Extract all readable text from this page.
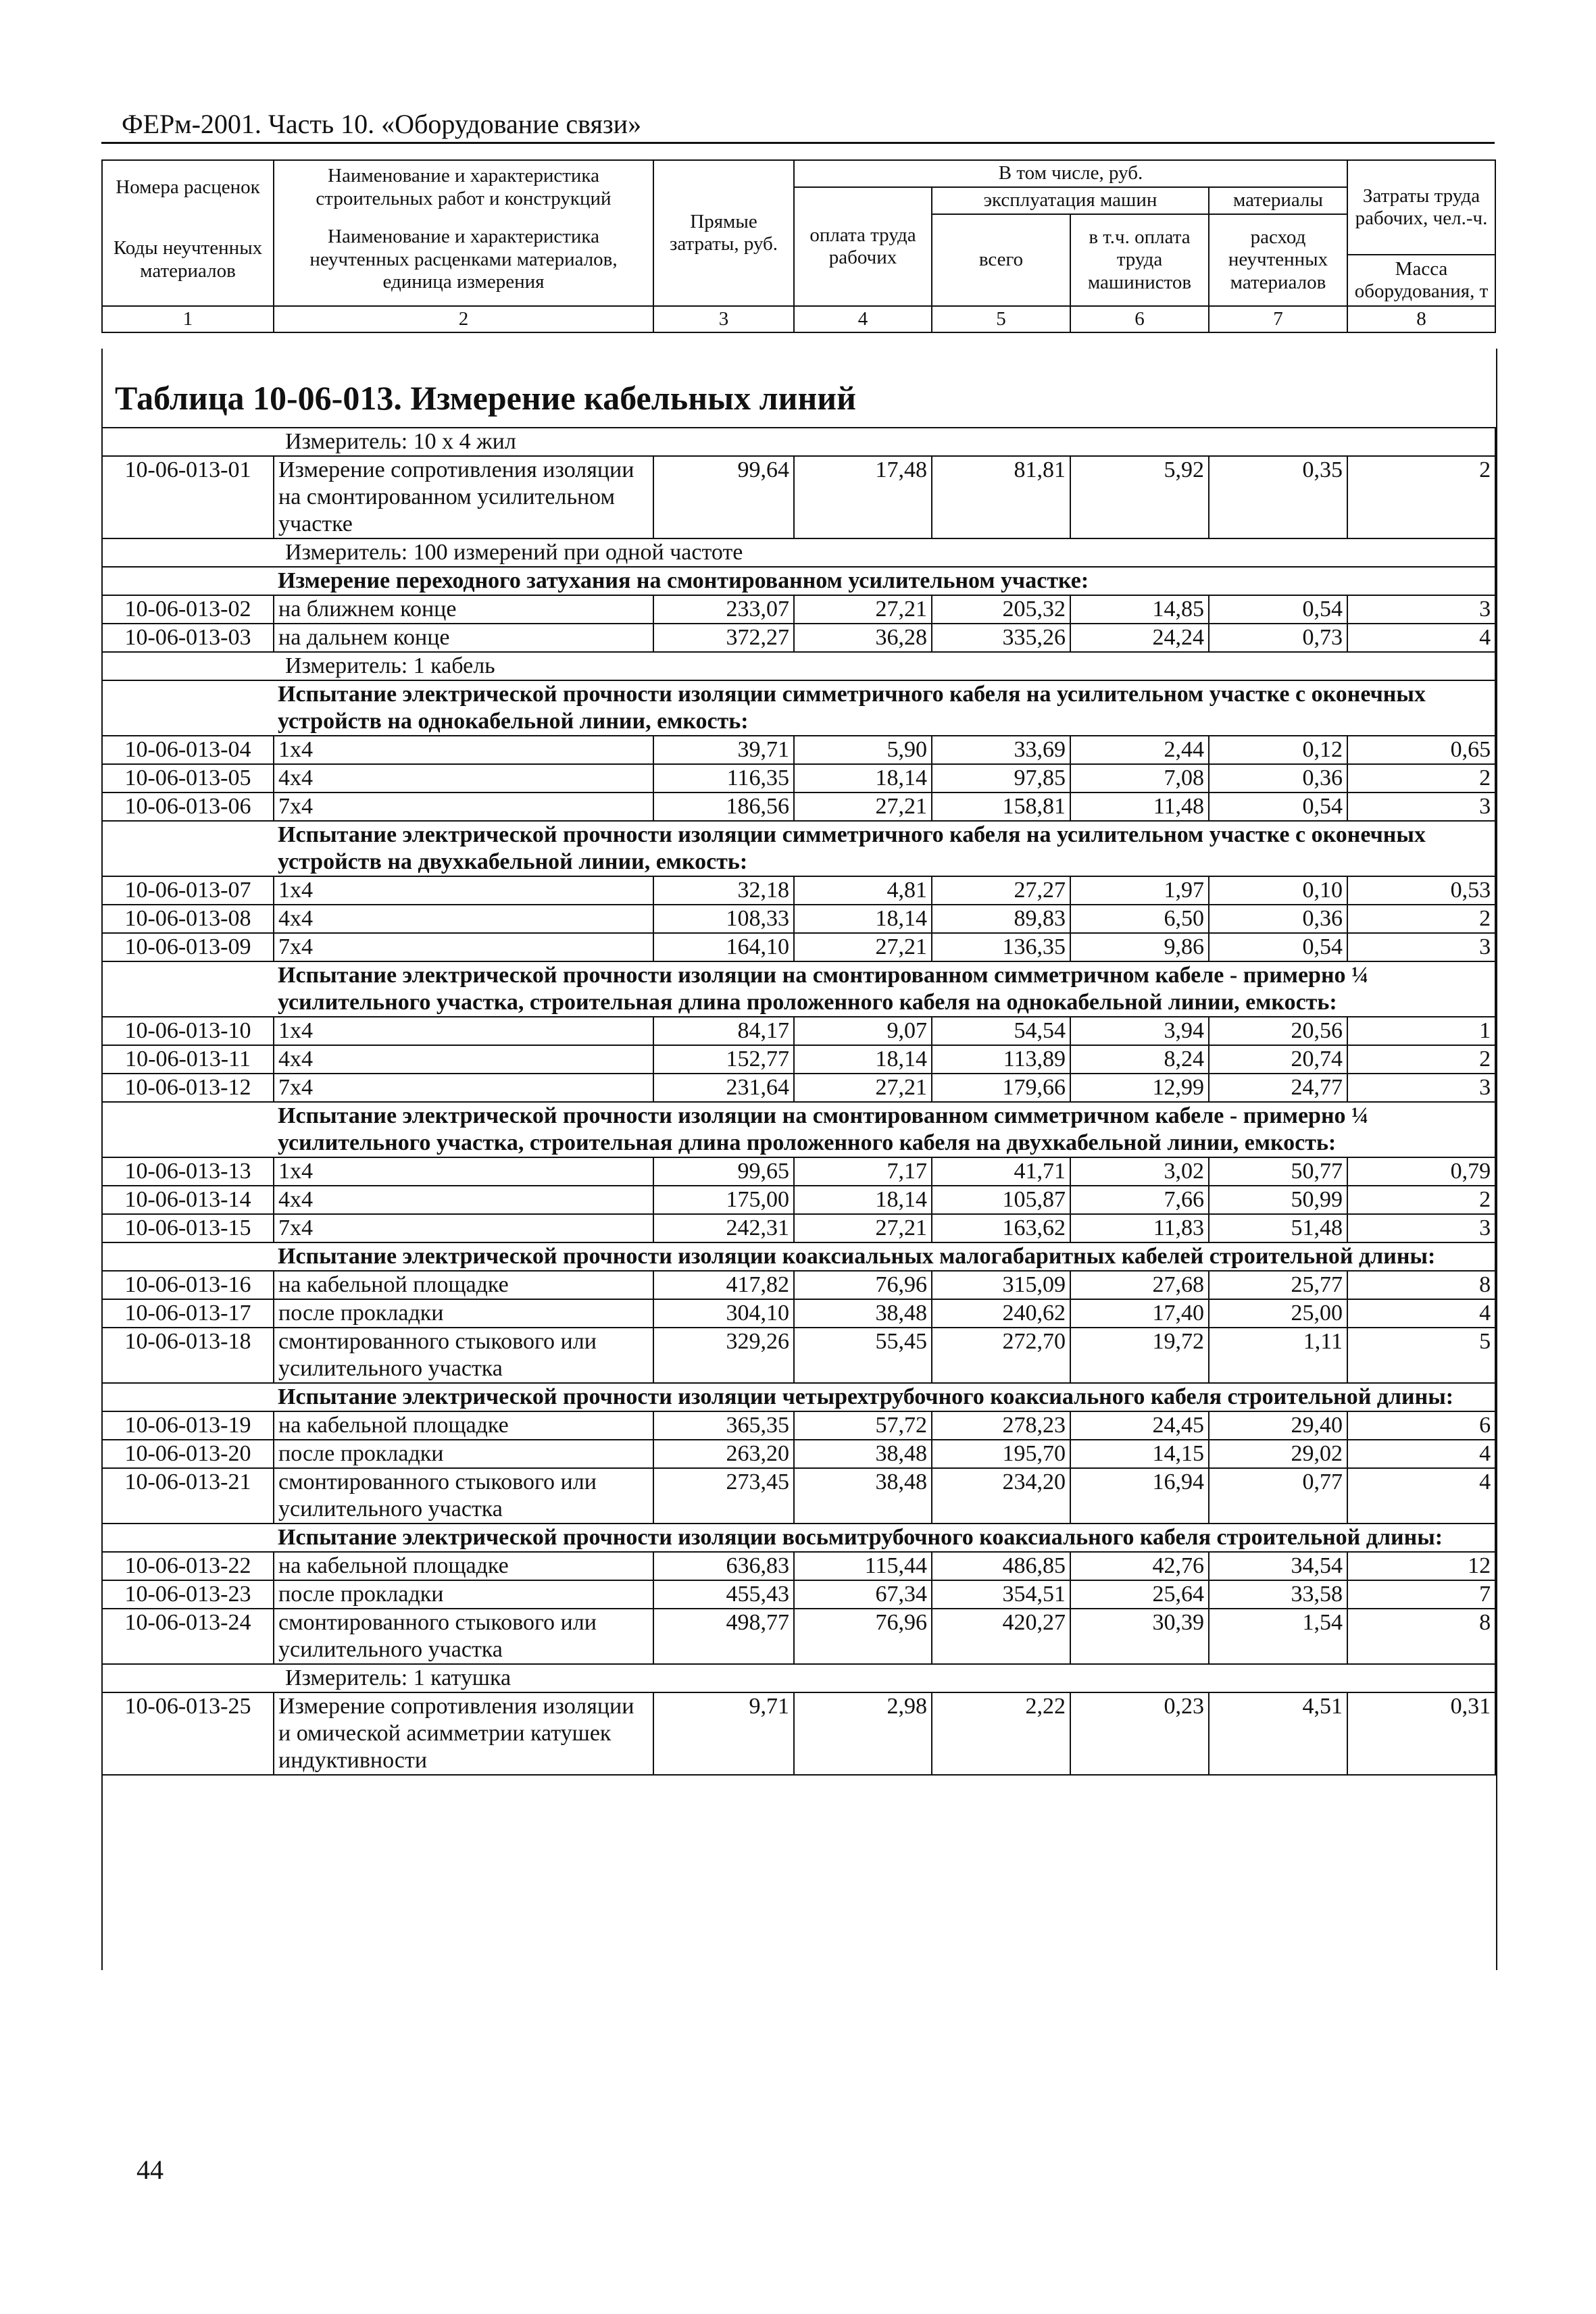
ФЕРм-2001. Часть 10. «Оборудование связи»
Номера расценок	Наименование и характеристика строительных работ и конструкций	Прямые затраты, руб.	В том числе, руб.				Затраты труда рабочих, чел.-ч.
			оплата труда рабочих	эксплуатация машин		материалы	
Коды неучтенных материалов	Наименование и характеристика неучтенных расценками материалов, единица измерения			всего	в т.ч. оплата труда машинистов	расход неучтенных материалов	
							Масса оборудования, т
1	2	3	4	5	6	7	8
Таблица 10-06-013. Измерение кабельных линий
Измеритель: 10 х 4 жил							
10-06-013-01	Измерение сопротивления изоляции на смонтированном усилительном участке	99,64	17,48	81,81	5,92	0,35	2
Измеритель: 100 измерений при одной частоте							
	Измерение переходного затухания на смонтированном усилительном участке:						
10-06-013-02	на ближнем конце	233,07	27,21	205,32	14,85	0,54	3
10-06-013-03	на дальнем конце	372,27	36,28	335,26	24,24	0,73	4
Измеритель: 1 кабель							
	Испытание электрической прочности изоляции симметричного кабеля на усилительном участке с оконечных устройств на однокабельной линии, емкость:						
10-06-013-04	1х4	39,71	5,90	33,69	2,44	0,12	0,65
10-06-013-05	4х4	116,35	18,14	97,85	7,08	0,36	2
10-06-013-06	7х4	186,56	27,21	158,81	11,48	0,54	3
	Испытание электрической прочности изоляции симметричного кабеля на усилительном участке с оконечных устройств на двухкабельной линии, емкость:						
10-06-013-07	1х4	32,18	4,81	27,27	1,97	0,10	0,53
10-06-013-08	4х4	108,33	18,14	89,83	6,50	0,36	2
10-06-013-09	7х4	164,10	27,21	136,35	9,86	0,54	3
	Испытание электрической прочности изоляции на смонтированном симметричном кабеле - примерно ¼ усилительного участка, строительная длина проложенного кабеля на однокабельной линии, емкость:						
10-06-013-10	1х4	84,17	9,07	54,54	3,94	20,56	1
10-06-013-11	4х4	152,77	18,14	113,89	8,24	20,74	2
10-06-013-12	7х4	231,64	27,21	179,66	12,99	24,77	3
	Испытание электрической прочности изоляции на смонтированном симметричном кабеле - примерно ¼ усилительного участка, строительная длина проложенного кабеля на двухкабельной линии, емкость:						
10-06-013-13	1х4	99,65	7,17	41,71	3,02	50,77	0,79
10-06-013-14	4х4	175,00	18,14	105,87	7,66	50,99	2
10-06-013-15	7х4	242,31	27,21	163,62	11,83	51,48	3
	Испытание электрической прочности изоляции коаксиальных малогабаритных кабелей строительной длины:						
10-06-013-16	на кабельной площадке	417,82	76,96	315,09	27,68	25,77	8
10-06-013-17	после прокладки	304,10	38,48	240,62	17,40	25,00	4
10-06-013-18	смонтированного стыкового или усилительного участка	329,26	55,45	272,70	19,72	1,11	5
	Испытание электрической прочности изоляции четырехтрубочного коаксиального кабеля строительной длины:						
10-06-013-19	на кабельной площадке	365,35	57,72	278,23	24,45	29,40	6
10-06-013-20	после прокладки	263,20	38,48	195,70	14,15	29,02	4
10-06-013-21	смонтированного стыкового или усилительного участка	273,45	38,48	234,20	16,94	0,77	4
	Испытание электрической прочности изоляции восьмитрубочного коаксиального кабеля строительной длины:						
10-06-013-22	на кабельной площадке	636,83	115,44	486,85	42,76	34,54	12
10-06-013-23	после прокладки	455,43	67,34	354,51	25,64	33,58	7
10-06-013-24	смонтированного стыкового или усилительного участка	498,77	76,96	420,27	30,39	1,54	8
Измеритель: 1 катушка							
10-06-013-25	Измерение сопротивления изоляции и омической асимметрии катушек индуктивности	9,71	2,98	2,22	0,23	4,51	0,31
44
